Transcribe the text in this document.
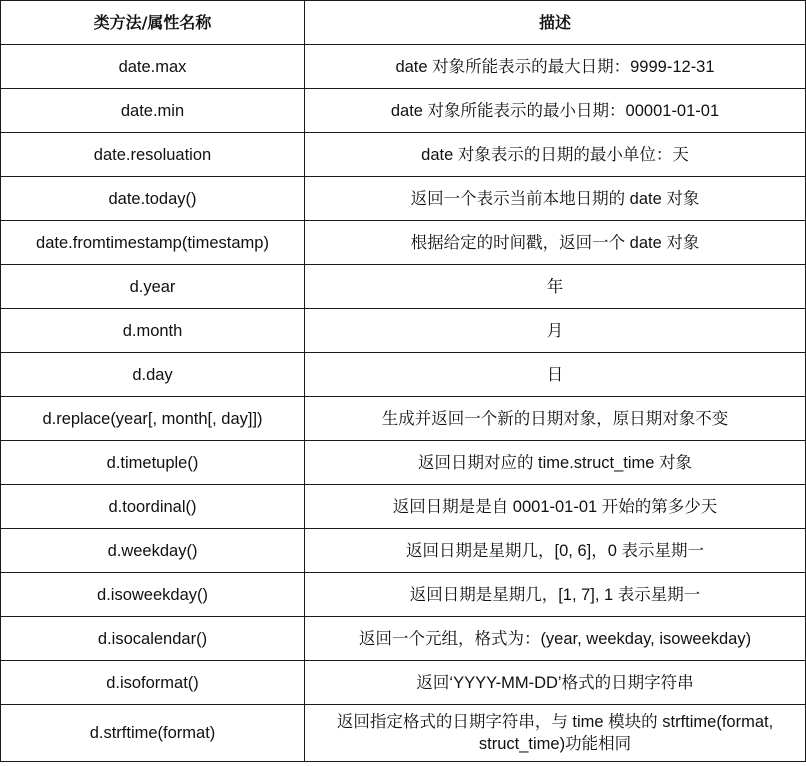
类方法/属性名称	描述
date.max	date 对象所能表示的最大日期：9999-12-31
date.min	date 对象所能表示的最小日期：00001-01-01
date.resoluation	date 对象表示的日期的最小单位：天
date.today()	返回一个表示当前本地日期的 date 对象
date.fromtimestamp(timestamp)	根据给定的时间戳，返回一个 date 对象
d.year	年
d.month	月
d.day	日
d.replace(year[, month[, day]])	生成并返回一个新的日期对象，原日期对象不变
d.timetuple()	返回日期对应的 time.struct_time 对象
d.toordinal()	返回日期是是自 0001-01-01 开始的第多少天
d.weekday()	返回日期是星期几，[0, 6]，0 表示星期一
d.isoweekday()	返回日期是星期几，[1, 7], 1 表示星期一
d.isocalendar()	返回一个元组，格式为：(year, weekday, isoweekday)
d.isoformat()	返回‘YYYY-MM-DD’格式的日期字符串
d.strftime(format)	返回指定格式的日期字符串，与 time 模块的 strftime(format, struct_time)功能相同
